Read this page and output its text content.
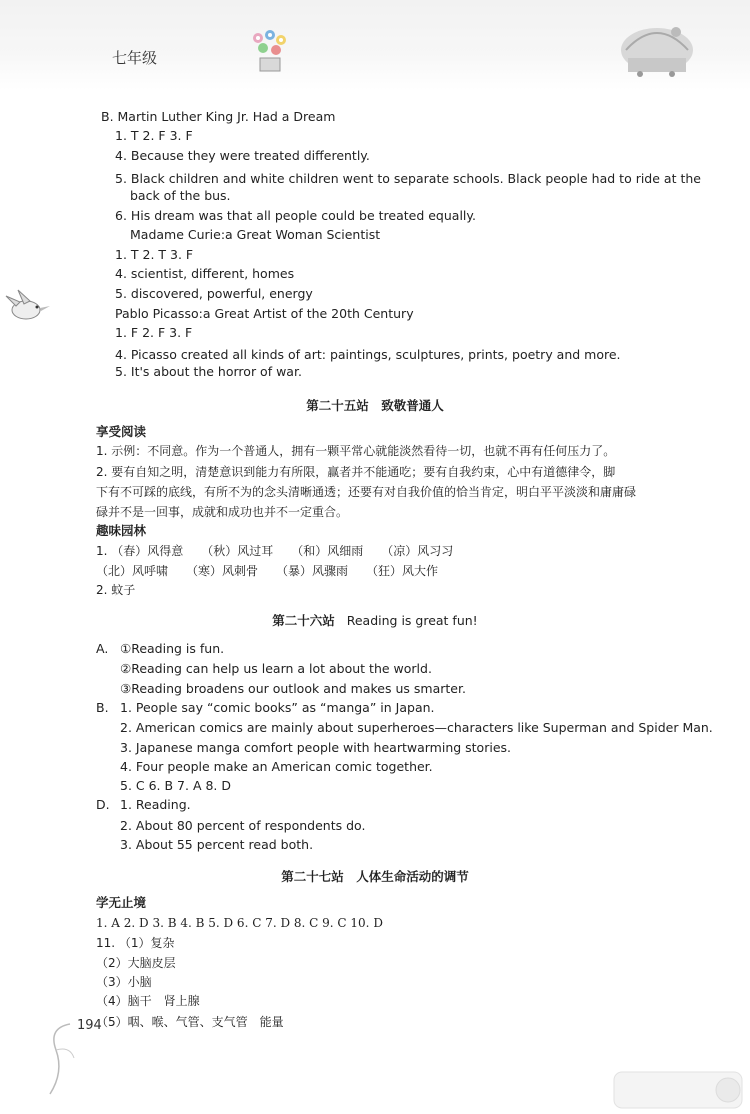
七年级
B. Martin Luther King Jr. Had a Dream
1. T 2. F 3. F
4. Because they were treated differently.
5. Black children and white children went to separate schools. Black people had to ride at the
back of the bus.
6. His dream was that all people could be treated equally.
Madame Curie:a Great Woman Scientist
1. T 2. T 3. F
4. scientist, different, homes
5. discovered, powerful, energy
Pablo Picasso:a Great Artist of the 20th Century
1. F 2. F 3. F
4. Picasso created all kinds of art: paintings, sculptures, prints, poetry and more.
5. It's about the horror of war.
第二十五站　致敬普通人
享受阅读
1. 示例：不同意。作为一个普通人，拥有一颗平常心就能淡然看待一切，也就不再有任何压力了。
2. 要有自知之明，清楚意识到能力有所限，赢者并不能通吃；要有自我约束，心中有道德律令，脚
下有不可踩的底线，有所不为的念头清晰通透；还要有对自我价值的恰当肯定，明白平平淡淡和庸庸碌
碌并不是一回事，成就和成功也并不一定重合。
趣味园林
1. （春）风得意　　（秋）风过耳　　（和）风细雨　　（凉）风习习
（北）风呼啸　　（寒）风刺骨　　（暴）风骤雨　　（狂）风大作
2. 蚊子
第二十六站 Reading is great fun!
A. ①Reading is fun.
②Reading can help us learn a lot about the world.
③Reading broadens our outlook and makes us smarter.
B. 1. People say “comic books” as “manga” in Japan.
2. American comics are mainly about superheroes—characters like Superman and Spider Man.
3. Japanese manga comfort people with heartwarming stories.
4. Four people make an American comic together.
5. C 6. B 7. A 8. D
D. 1. Reading.
2. About 80 percent of respondents do.
3. About 55 percent read both.
第二十七站　人体生命活动的调节
学无止境
1. A 2. D 3. B 4. B 5. D 6. C 7. D 8. C 9. C 10. D
11. （1）复杂
（2）大脑皮层
（3）小脑
（4）脑干　肾上腺
（5）咽、喉、气管、支气管　能量
194
